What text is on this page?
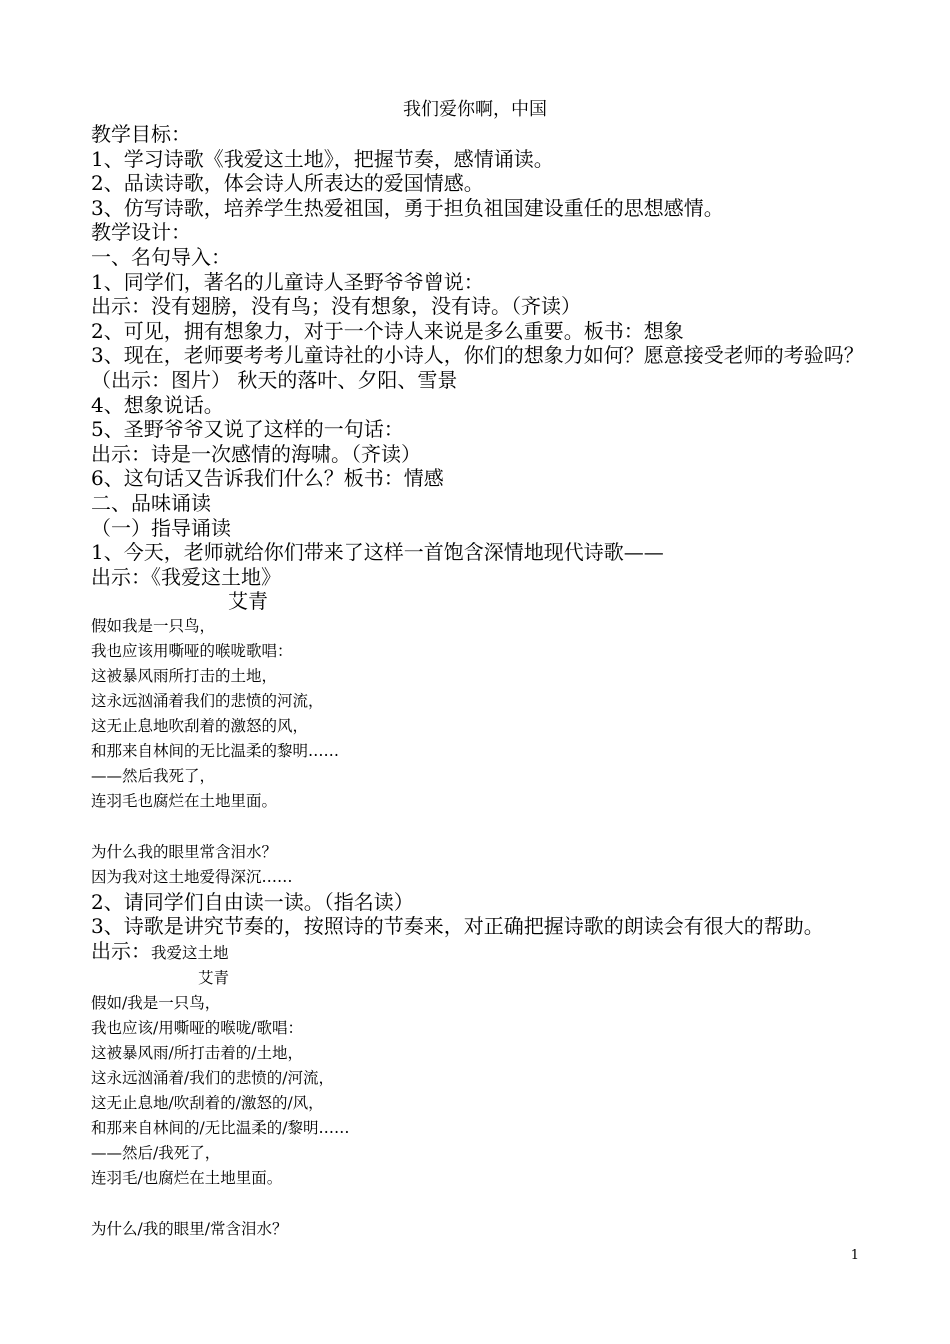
我们爱你啊，中国
教学目标：
1、学习诗歌《我爱这土地》，把握节奏，感情诵读。
2、品读诗歌，体会诗人所表达的爱国情感。
3、仿写诗歌，培养学生热爱祖国，勇于担负祖国建设重任的思想感情。
教学设计：
一、名句导入：
1、同学们，著名的儿童诗人圣野爷爷曾说：
出示：没有翅膀，没有鸟；没有想象，没有诗。（齐读）
2、可见，拥有想象力，对于一个诗人来说是多么重要。板书：想象
3、现在，老师要考考儿童诗社的小诗人，你们的想象力如何？愿意接受老师的考验吗？（出示：图片） 秋天的落叶、夕阳、雪景
4、想象说话。
5、圣野爷爷又说了这样的一句话：
出示：诗是一次感情的海啸。（齐读）
6、这句话又告诉我们什么？板书：情感
二、品味诵读
（一）指导诵读
1、今天，老师就给你们带来了这样一首饱含深情地现代诗歌——
出示：《我爱这土地》
艾青
假如我是一只鸟，
我也应该用嘶哑的喉咙歌唱：
这被暴风雨所打击的土地，
这永远汹涌着我们的悲愤的河流，
这无止息地吹刮着的激怒的风，
和那来自林间的无比温柔的黎明……
——然后我死了，
连羽毛也腐烂在土地里面。
为什么我的眼里常含泪水？
因为我对这土地爱得深沉……
2、请同学们自由读一读。（指名读）
3、诗歌是讲究节奏的，按照诗的节奏来，对正确把握诗歌的朗读会有很大的帮助。
出示：我爱这土地
艾青
假如/我是一只鸟，
我也应该/用嘶哑的喉咙/歌唱：
这被暴风雨/所打击着的/土地，
这永远汹涌着/我们的悲愤的/河流，
这无止息地/吹刮着的/激怒的/风，
和那来自林间的/无比温柔的/黎明……
——然后/我死了，
连羽毛/也腐烂在土地里面。
为什么/我的眼里/常含泪水？
1
